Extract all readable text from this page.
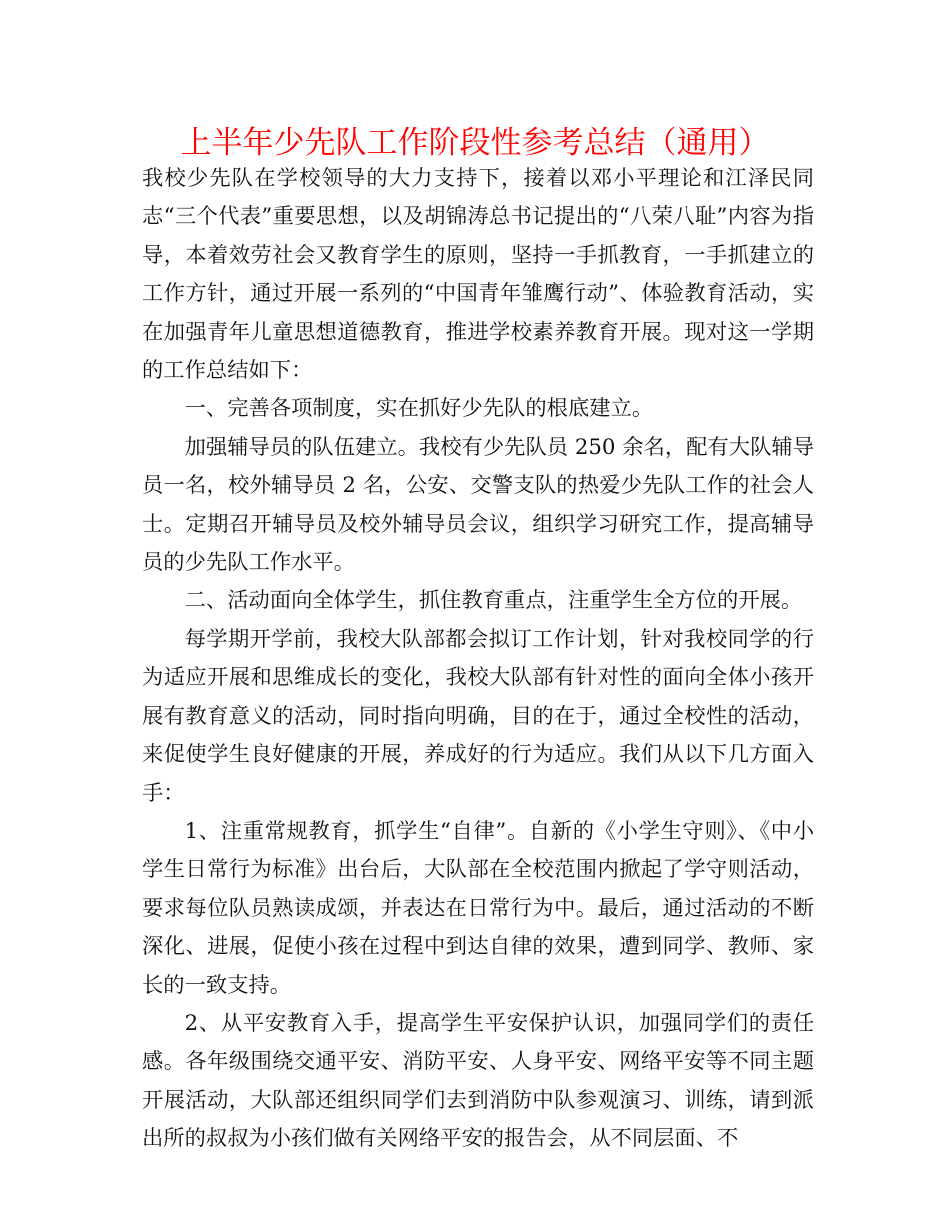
上半年少先队工作阶段性参考总结（通用）

我校少先队在学校领导的大力支持下，接着以邓小平理论和江泽民同志“三个代表”重要思想，以及胡锦涛总书记提出的“八荣八耻”内容为指导，本着效劳社会又教育学生的原则，坚持一手抓教育，一手抓建立的工作方针，通过开展一系列的“中国青年雏鹰行动”、体验教育活动，实在加强青年儿童思想道德教育，推进学校素养教育开展。现对这一学期的工作总结如下：

一、完善各项制度，实在抓好少先队的根底建立。

加强辅导员的队伍建立。我校有少先队员 250 余名，配有大队辅导员一名，校外辅导员 2 名，公安、交警支队的热爱少先队工作的社会人士。定期召开辅导员及校外辅导员会议，组织学习研究工作，提高辅导员的少先队工作水平。

二、活动面向全体学生，抓住教育重点，注重学生全方位的开展。

每学期开学前，我校大队部都会拟订工作计划，针对我校同学的行为适应开展和思维成长的变化，我校大队部有针对性的面向全体小孩开展有教育意义的活动，同时指向明确，目的在于，通过全校性的活动，来促使学生良好健康的开展，养成好的行为适应。我们从以下几方面入手：

1、注重常规教育，抓学生“自律”。自新的《小学生守则》、《中小学生日常行为标准》出台后，大队部在全校范围内掀起了学守则活动，要求每位队员熟读成颂，并表达在日常行为中。最后，通过活动的不断深化、进展，促使小孩在过程中到达自律的效果，遭到同学、教师、家长的一致支持。

2、从平安教育入手，提高学生平安保护认识，加强同学们的责任感。各年级围绕交通平安、消防平安、人身平安、网络平安等不同主题开展活动，大队部还组织同学们去到消防中队参观演习、训练，请到派出所的叔叔为小孩们做有关网络平安的报告会，从不同层面、不
